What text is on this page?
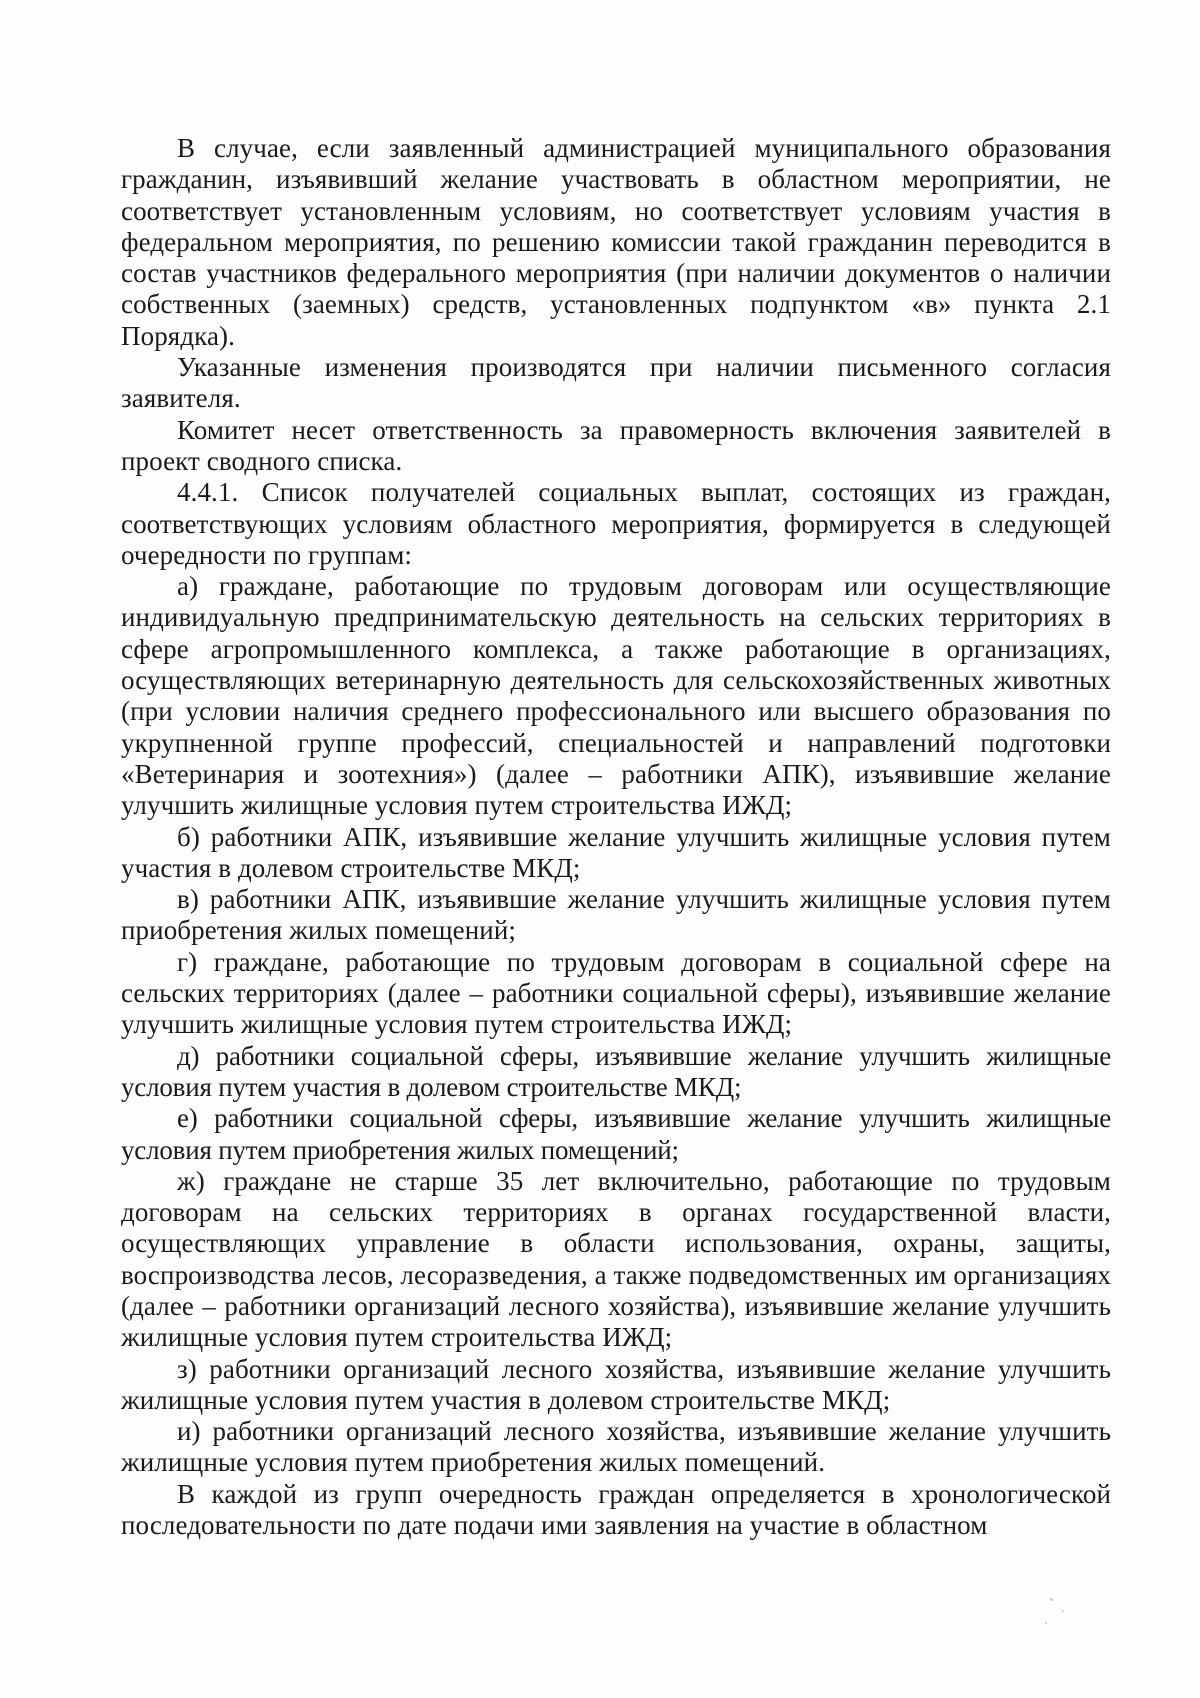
В случае, если заявленный администрацией муниципального образования гражданин, изъявивший желание участвовать в областном мероприятии, не соответствует установленным условиям, но соответствует условиям участия в федеральном мероприятия, по решению комиссии такой гражданин переводится в состав участников федерального мероприятия (при наличии документов о наличии собственных (заемных) средств, установленных подпунктом «в» пункта 2.1 Порядка).

Указанные изменения производятся при наличии письменного согласия заявителя.

Комитет несет ответственность за правомерность включения заявителей в проект сводного списка.

4.4.1. Список получателей социальных выплат, состоящих из граждан, соответствующих условиям областного мероприятия, формируется в следующей очередности по группам:

а) граждане, работающие по трудовым договорам или осуществляющие индивидуальную предпринимательскую деятельность на сельских территориях в сфере агропромышленного комплекса, а также работающие в организациях, осуществляющих ветеринарную деятельность для сельскохозяйственных животных (при условии наличия среднего профессионального или высшего образования по укрупненной группе профессий, специальностей и направлений подготовки «Ветеринария и зоотехния») (далее – работники АПК), изъявившие желание улучшить жилищные условия путем строительства ИЖД;

б) работники АПК, изъявившие желание улучшить жилищные условия путем участия в долевом строительстве МКД;

в) работники АПК, изъявившие желание улучшить жилищные условия путем приобретения жилых помещений;

г) граждане, работающие по трудовым договорам в социальной сфере на сельских территориях (далее – работники социальной сферы), изъявившие желание улучшить жилищные условия путем строительства ИЖД;

д) работники социальной сферы, изъявившие желание улучшить жилищные условия путем участия в долевом строительстве МКД;

е) работники социальной сферы, изъявившие желание улучшить жилищные условия путем приобретения жилых помещений;

ж) граждане не старше 35 лет включительно, работающие по трудовым договорам на сельских территориях в органах государственной власти, осуществляющих управление в области использования, охраны, защиты, воспроизводства лесов, лесоразведения, а также подведомственных им организациях (далее – работники организаций лесного хозяйства), изъявившие желание улучшить жилищные условия путем строительства ИЖД;

з) работники организаций лесного хозяйства, изъявившие желание улучшить жилищные условия путем участия в долевом строительстве МКД;

и) работники организаций лесного хозяйства, изъявившие желание улучшить жилищные условия путем приобретения жилых помещений.

В каждой из групп очередность граждан определяется в хронологической последовательности по дате подачи ими заявления на участие в областном
